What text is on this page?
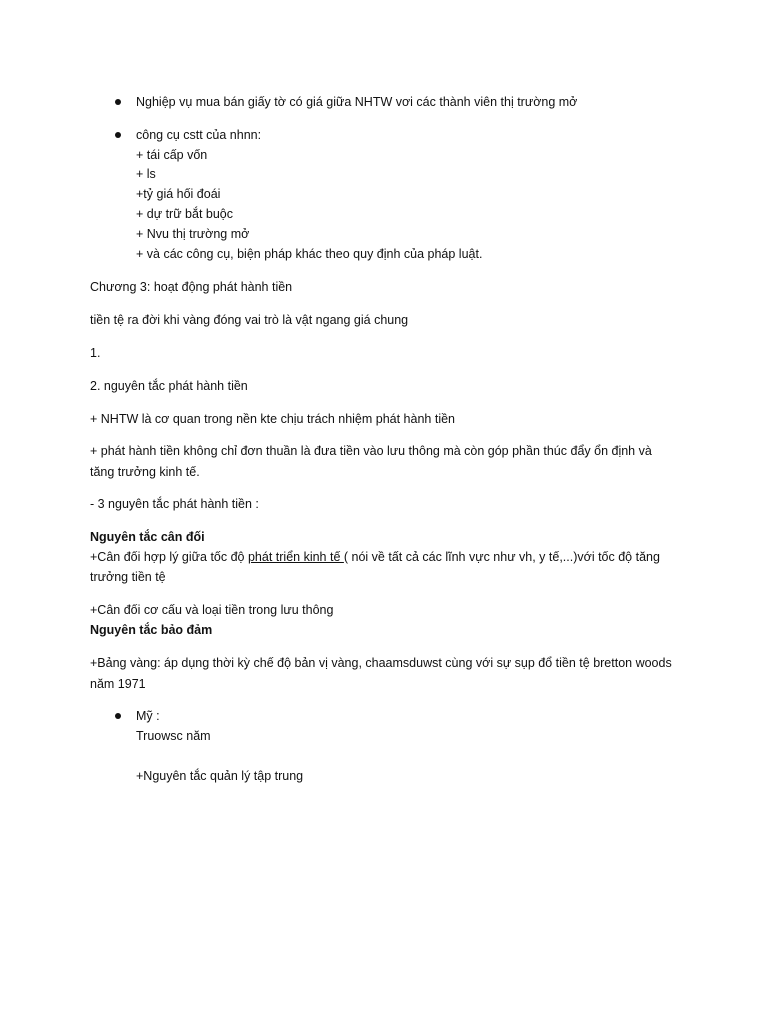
Nghiệp vụ mua bán giấy tờ có giá giữa NHTW vơi các thành viên thị trường mở
công cụ cstt của nhnn:
+ tái cấp vốn
+ ls
+tỷ giá hối đoái
+ dự trữ bắt buộc
+ Nvu thị trường mở
+ và các công cụ, biện pháp khác theo quy định của pháp luật.
Chương 3: hoạt động phát hành tiền
tiền tệ ra đời khi vàng đóng vai trò là vật ngang giá chung
1.
2. nguyên tắc phát hành tiền
+ NHTW là cơ quan trong nền kte chịu trách nhiệm phát hành tiền
+ phát hành tiền không chỉ đơn thuần là đưa tiền vào lưu thông mà còn góp phần thúc đẩy ổn định và
tăng trưởng kinh tế.
- 3 nguyên tắc phát hành tiền :
Nguyên tắc cân đối
+Cân đối hợp lý giữa tốc độ phát triển kinh tế ( nói về tất cả các lĩnh vực như vh, y tế,...)với tốc độ tăng
trưởng tiền tệ
+Cân đối cơ cấu và loại tiền trong lưu thông
Nguyên tắc bảo đảm
+Bảng vàng: áp dụng thời kỳ chế độ bản vị vàng, chaamsduwst cùng với sự sụp đổ tiền tệ bretton woods
năm 1971
Mỹ :
Truowsc năm
+Nguyên tắc quản lý tập trung
